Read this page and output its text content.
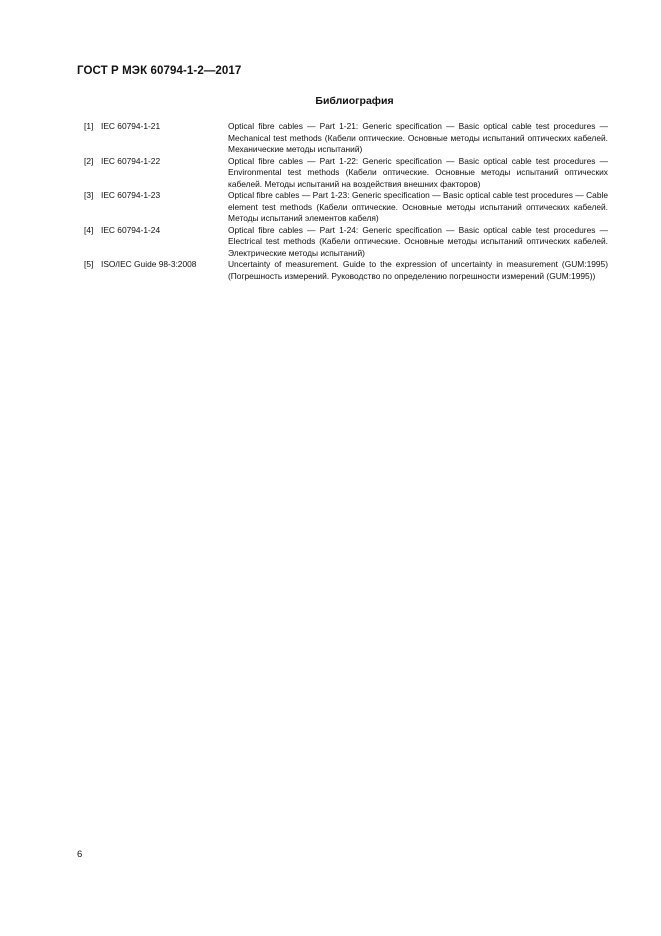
ГОСТ Р МЭК 60794-1-2—2017
Библиография
[1] IEC 60794-1-21	Optical fibre cables — Part 1-21: Generic specification — Basic optical cable test procedures — Mechanical test methods (Кабели оптические. Основные методы испытаний оптических кабелей. Механические методы испытаний)
[2] IEC 60794-1-22	Optical fibre cables — Part 1-22: Generic specification — Basic optical cable test procedures — Environmental test methods (Кабели оптические. Основные методы испытаний оптических кабелей. Методы испытаний на воздействия внешних факторов)
[3] IEC 60794-1-23	Optical fibre cables — Part 1-23: Generic specification — Basic optical cable test procedures — Cable element test methods (Кабели оптические. Основные методы испытаний оптических кабелей. Методы испытаний элементов кабеля)
[4] IEC 60794-1-24	Optical fibre cables — Part 1-24: Generic specification — Basic optical cable test procedures — Electrical test methods (Кабели оптические. Основные методы испытаний оптических кабелей. Электрические методы испытаний)
[5] ISO/IEC Guide 98-3:2008	Uncertainty of measurement. Guide to the expression of uncertainty in measurement (GUM:1995) (Погрешность измерений. Руководство по определению погрешности измерений (GUM:1995))
6
